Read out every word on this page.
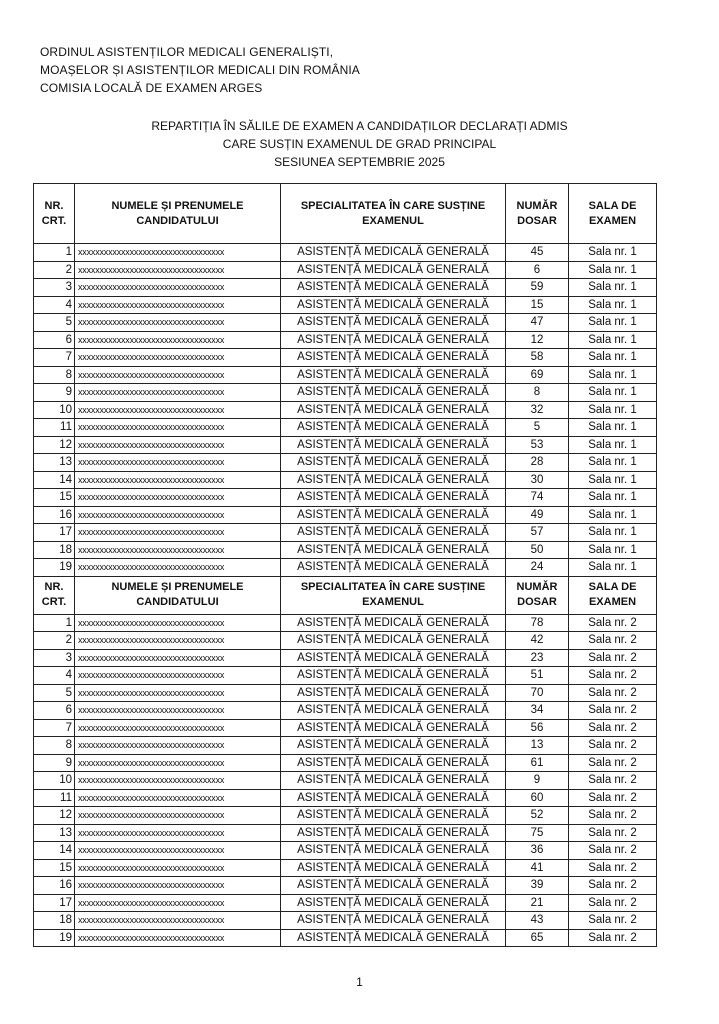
ORDINUL ASISTENȚILOR MEDICALI GENERALIȘTI,
MOAȘELOR ȘI ASISTENȚILOR MEDICALI DIN ROMÂNIA
COMISIA LOCALĂ DE EXAMEN ARGES
REPARTIȚIA ÎN SĂLILE DE EXAMEN A CANDIDAȚILOR DECLARAȚI ADMIS
CARE SUSȚIN EXAMENUL DE GRAD PRINCIPAL
SESIUNEA SEPTEMBRIE 2025
NR. CRT.	NUMELE ȘI PRENUMELE CANDIDATULUI	SPECIALITATEA ÎN CARE SUSȚINE EXAMENUL	NUMĂR DOSAR	SALA DE EXAMEN
1	xxxxxxxxxxxxxxxxxxxxxxxxxxxxxxxxxx	ASISTENȚĂ MEDICALĂ GENERALĂ	45	Sala nr. 1
2	xxxxxxxxxxxxxxxxxxxxxxxxxxxxxxxxxx	ASISTENȚĂ MEDICALĂ GENERALĂ	6	Sala nr. 1
3	xxxxxxxxxxxxxxxxxxxxxxxxxxxxxxxxxx	ASISTENȚĂ MEDICALĂ GENERALĂ	59	Sala nr. 1
4	xxxxxxxxxxxxxxxxxxxxxxxxxxxxxxxxxx	ASISTENȚĂ MEDICALĂ GENERALĂ	15	Sala nr. 1
5	xxxxxxxxxxxxxxxxxxxxxxxxxxxxxxxxxx	ASISTENȚĂ MEDICALĂ GENERALĂ	47	Sala nr. 1
6	xxxxxxxxxxxxxxxxxxxxxxxxxxxxxxxxxx	ASISTENȚĂ MEDICALĂ GENERALĂ	12	Sala nr. 1
7	xxxxxxxxxxxxxxxxxxxxxxxxxxxxxxxxxx	ASISTENȚĂ MEDICALĂ GENERALĂ	58	Sala nr. 1
8	xxxxxxxxxxxxxxxxxxxxxxxxxxxxxxxxxx	ASISTENȚĂ MEDICALĂ GENERALĂ	69	Sala nr. 1
9	xxxxxxxxxxxxxxxxxxxxxxxxxxxxxxxxxx	ASISTENȚĂ MEDICALĂ GENERALĂ	8	Sala nr. 1
10	xxxxxxxxxxxxxxxxxxxxxxxxxxxxxxxxxx	ASISTENȚĂ MEDICALĂ GENERALĂ	32	Sala nr. 1
11	xxxxxxxxxxxxxxxxxxxxxxxxxxxxxxxxxx	ASISTENȚĂ MEDICALĂ GENERALĂ	5	Sala nr. 1
12	xxxxxxxxxxxxxxxxxxxxxxxxxxxxxxxxxx	ASISTENȚĂ MEDICALĂ GENERALĂ	53	Sala nr. 1
13	xxxxxxxxxxxxxxxxxxxxxxxxxxxxxxxxxx	ASISTENȚĂ MEDICALĂ GENERALĂ	28	Sala nr. 1
14	xxxxxxxxxxxxxxxxxxxxxxxxxxxxxxxxxx	ASISTENȚĂ MEDICALĂ GENERALĂ	30	Sala nr. 1
15	xxxxxxxxxxxxxxxxxxxxxxxxxxxxxxxxxx	ASISTENȚĂ MEDICALĂ GENERALĂ	74	Sala nr. 1
16	xxxxxxxxxxxxxxxxxxxxxxxxxxxxxxxxxx	ASISTENȚĂ MEDICALĂ GENERALĂ	49	Sala nr. 1
17	xxxxxxxxxxxxxxxxxxxxxxxxxxxxxxxxxx	ASISTENȚĂ MEDICALĂ GENERALĂ	57	Sala nr. 1
18	xxxxxxxxxxxxxxxxxxxxxxxxxxxxxxxxxx	ASISTENȚĂ MEDICALĂ GENERALĂ	50	Sala nr. 1
19	xxxxxxxxxxxxxxxxxxxxxxxxxxxxxxxxxx	ASISTENȚĂ MEDICALĂ GENERALĂ	24	Sala nr. 1
NR. CRT.	NUMELE ȘI PRENUMELE CANDIDATULUI	SPECIALITATEA ÎN CARE SUSȚINE EXAMENUL	NUMĂR DOSAR	SALA DE EXAMEN
1	xxxxxxxxxxxxxxxxxxxxxxxxxxxxxxxxxx	ASISTENȚĂ MEDICALĂ GENERALĂ	78	Sala nr. 2
2	xxxxxxxxxxxxxxxxxxxxxxxxxxxxxxxxxx	ASISTENȚĂ MEDICALĂ GENERALĂ	42	Sala nr. 2
3	xxxxxxxxxxxxxxxxxxxxxxxxxxxxxxxxxx	ASISTENȚĂ MEDICALĂ GENERALĂ	23	Sala nr. 2
4	xxxxxxxxxxxxxxxxxxxxxxxxxxxxxxxxxx	ASISTENȚĂ MEDICALĂ GENERALĂ	51	Sala nr. 2
5	xxxxxxxxxxxxxxxxxxxxxxxxxxxxxxxxxx	ASISTENȚĂ MEDICALĂ GENERALĂ	70	Sala nr. 2
6	xxxxxxxxxxxxxxxxxxxxxxxxxxxxxxxxxx	ASISTENȚĂ MEDICALĂ GENERALĂ	34	Sala nr. 2
7	xxxxxxxxxxxxxxxxxxxxxxxxxxxxxxxxxx	ASISTENȚĂ MEDICALĂ GENERALĂ	56	Sala nr. 2
8	xxxxxxxxxxxxxxxxxxxxxxxxxxxxxxxxxx	ASISTENȚĂ MEDICALĂ GENERALĂ	13	Sala nr. 2
9	xxxxxxxxxxxxxxxxxxxxxxxxxxxxxxxxxx	ASISTENȚĂ MEDICALĂ GENERALĂ	61	Sala nr. 2
10	xxxxxxxxxxxxxxxxxxxxxxxxxxxxxxxxxx	ASISTENȚĂ MEDICALĂ GENERALĂ	9	Sala nr. 2
11	xxxxxxxxxxxxxxxxxxxxxxxxxxxxxxxxxx	ASISTENȚĂ MEDICALĂ GENERALĂ	60	Sala nr. 2
12	xxxxxxxxxxxxxxxxxxxxxxxxxxxxxxxxxx	ASISTENȚĂ MEDICALĂ GENERALĂ	52	Sala nr. 2
13	xxxxxxxxxxxxxxxxxxxxxxxxxxxxxxxxxx	ASISTENȚĂ MEDICALĂ GENERALĂ	75	Sala nr. 2
14	xxxxxxxxxxxxxxxxxxxxxxxxxxxxxxxxxx	ASISTENȚĂ MEDICALĂ GENERALĂ	36	Sala nr. 2
15	xxxxxxxxxxxxxxxxxxxxxxxxxxxxxxxxxx	ASISTENȚĂ MEDICALĂ GENERALĂ	41	Sala nr. 2
16	xxxxxxxxxxxxxxxxxxxxxxxxxxxxxxxxxx	ASISTENȚĂ MEDICALĂ GENERALĂ	39	Sala nr. 2
17	xxxxxxxxxxxxxxxxxxxxxxxxxxxxxxxxxx	ASISTENȚĂ MEDICALĂ GENERALĂ	21	Sala nr. 2
18	xxxxxxxxxxxxxxxxxxxxxxxxxxxxxxxxxx	ASISTENȚĂ MEDICALĂ GENERALĂ	43	Sala nr. 2
19	xxxxxxxxxxxxxxxxxxxxxxxxxxxxxxxxxx	ASISTENȚĂ MEDICALĂ GENERALĂ	65	Sala nr. 2
1
